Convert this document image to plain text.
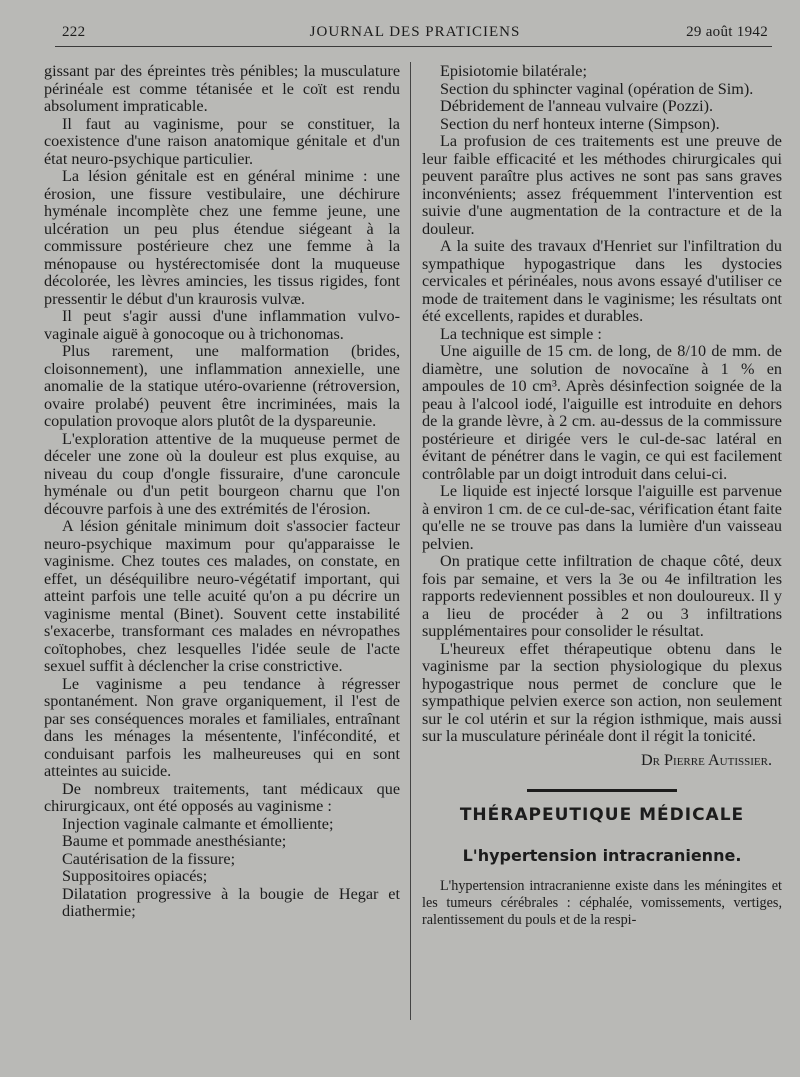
222	JOURNAL DES PRATICIENS	29 août 1942

gissant par des épreintes très pénibles; la musculature périnéale est comme tétanisée et le coït est rendu absolument impraticable.

Il faut au vaginisme, pour se constituer, la coexistence d'une raison anatomique génitale et d'un état neuro-psychique particulier.

La lésion génitale est en général minime : une érosion, une fissure vestibulaire, une déchirure hyménale incomplète chez une femme jeune, une ulcération un peu plus étendue siégeant à la commissure postérieure chez une femme à la ménopause ou hystérectomisée dont la muqueuse décolorée, les lèvres amincies, les tissus rigides, font pressentir le début d'un kraurosis vulvæ.

Il peut s'agir aussi d'une inflammation vulvo-vaginale aiguë à gonocoque ou à trichonomas.

Plus rarement, une malformation (brides, cloisonnement), une inflammation annexielle, une anomalie de la statique utéro-ovarienne (rétroversion, ovaire prolabé) peuvent être incriminées, mais la copulation provoque alors plutôt de la dyspareunie.

L'exploration attentive de la muqueuse permet de déceler une zone où la douleur est plus exquise, au niveau du coup d'ongle fissuraire, d'une caroncule hyménale ou d'un petit bourgeon charnu que l'on découvre parfois à une des extrémités de l'érosion.

A lésion génitale minimum doit s'associer facteur neuro-psychique maximum pour qu'apparaisse le vaginisme. Chez toutes ces malades, on constate, en effet, un déséquilibre neuro-végétatif important, qui atteint parfois une telle acuité qu'on a pu décrire un vaginisme mental (Binet). Souvent cette instabilité s'exacerbe, transformant ces malades en névropathes coïtophobes, chez lesquelles l'idée seule de l'acte sexuel suffit à déclencher la crise constrictive.

Le vaginisme a peu tendance à régresser spontanément. Non grave organiquement, il l'est de par ses conséquences morales et familiales, entraînant dans les ménages la mésentente, l'infécondité, et conduisant parfois les malheureuses qui en sont atteintes au suicide.

De nombreux traitements, tant médicaux que chirurgicaux, ont été opposés au vaginisme :

Injection vaginale calmante et émolliente;

Baume et pommade anesthésiante;

Cautérisation de la fissure;

Suppositoires opiacés;

Dilatation progressive à la bougie de Hegar et diathermie;

Episiotomie bilatérale;

Section du sphincter vaginal (opération de Sim).

Débridement de l'anneau vulvaire (Pozzi).

Section du nerf honteux interne (Simpson).

La profusion de ces traitements est une preuve de leur faible efficacité et les méthodes chirurgicales qui peuvent paraître plus actives ne sont pas sans graves inconvénients; assez fréquemment l'intervention est suivie d'une augmentation de la contracture et de la douleur.

A la suite des travaux d'Henriet sur l'infiltration du sympathique hypogastrique dans les dystocies cervicales et périnéales, nous avons essayé d'utiliser ce mode de traitement dans le vaginisme; les résultats ont été excellents, rapides et durables.

La technique est simple :

Une aiguille de 15 cm. de long, de 8/10 de mm. de diamètre, une solution de novocaïne à 1 % en ampoules de 10 cm³. Après désinfection soignée de la peau à l'alcool iodé, l'aiguille est introduite en dehors de la grande lèvre, à 2 cm. au-dessus de la commissure postérieure et dirigée vers le cul-de-sac latéral en évitant de pénétrer dans le vagin, ce qui est facilement contrôlable par un doigt introduit dans celui-ci.

Le liquide est injecté lorsque l'aiguille est parvenue à environ 1 cm. de ce cul-de-sac, vérification étant faite qu'elle ne se trouve pas dans la lumière d'un vaisseau pelvien.

On pratique cette infiltration de chaque côté, deux fois par semaine, et vers la 3e ou 4e infiltration les rapports redeviennent possibles et non douloureux. Il y a lieu de procéder à 2 ou 3 infiltrations supplémentaires pour consolider le résultat.

L'heureux effet thérapeutique obtenu dans le vaginisme par la section physiologique du plexus hypogastrique nous permet de conclure que le sympathique pelvien exerce son action, non seulement sur le col utérin et sur la région isthmique, mais aussi sur la musculature périnéale dont il régit la tonicité.

Dr Pierre Autissier.

THÉRAPEUTIQUE MÉDICALE
L'hypertension intracranienne.

L'hypertension intracranienne existe dans les méningites et les tumeurs cérébrales : céphalée, vomissements, vertiges, ralentissement du pouls et de la respi-
